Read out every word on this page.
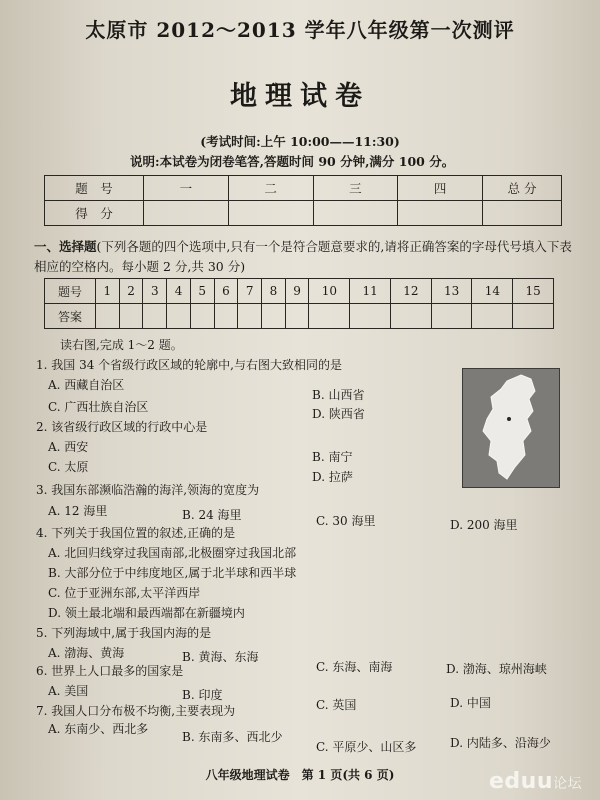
太原市 2012～2013 学年八年级第一次测评
地理试卷
(考试时间:上午 10:00——11:30)
说明:本试卷为闭卷笔答,答题时间 90 分钟,满分 100 分。
题　号	一	二	三	四	总 分
得　分					
一、选择题(下列各题的四个选项中,只有一个是符合题意要求的,请将正确答案的字母代号填入下表相应的空格内。每小题 2 分,共 30 分)
题号	1	2	3	4	5	6	7	8	9	10	11	12	13	14	15
答案															
读右图,完成 1～2 题。
1. 我国 34 个省级行政区域的轮廓中,与右图大致相同的是
A. 西藏自治区
B. 山西省
C. 广西壮族自治区	D. 陕西省
2. 该省级行政区域的行政中心是
A. 西安
B. 南宁
C. 太原
D. 拉萨
3. 我国东部濒临浩瀚的海洋,领海的宽度为
A. 12 海里	B. 24 海里	C. 30 海里	D. 200 海里
4. 下列关于我国位置的叙述,正确的是
A. 北回归线穿过我国南部,北极圈穿过我国北部
B. 大部分位于中纬度地区,属于北半球和西半球
C. 位于亚洲东部,太平洋西岸
D. 领土最北端和最西端都在新疆境内
5. 下列海域中,属于我国内海的是
A. 渤海、黄海	B. 黄海、东海
C. 东海、南海	D. 渤海、琼州海峡
6. 世界上人口最多的国家是
A. 美国	B. 印度
C. 英国	D. 中国
7. 我国人口分布极不均衡,主要表现为
A. 东南少、西北多
B. 东南多、西北少
C. 平原少、山区多	D. 内陆多、沿海少
八年级地理试卷　第 1 页(共 6 页)	eduu论坛
